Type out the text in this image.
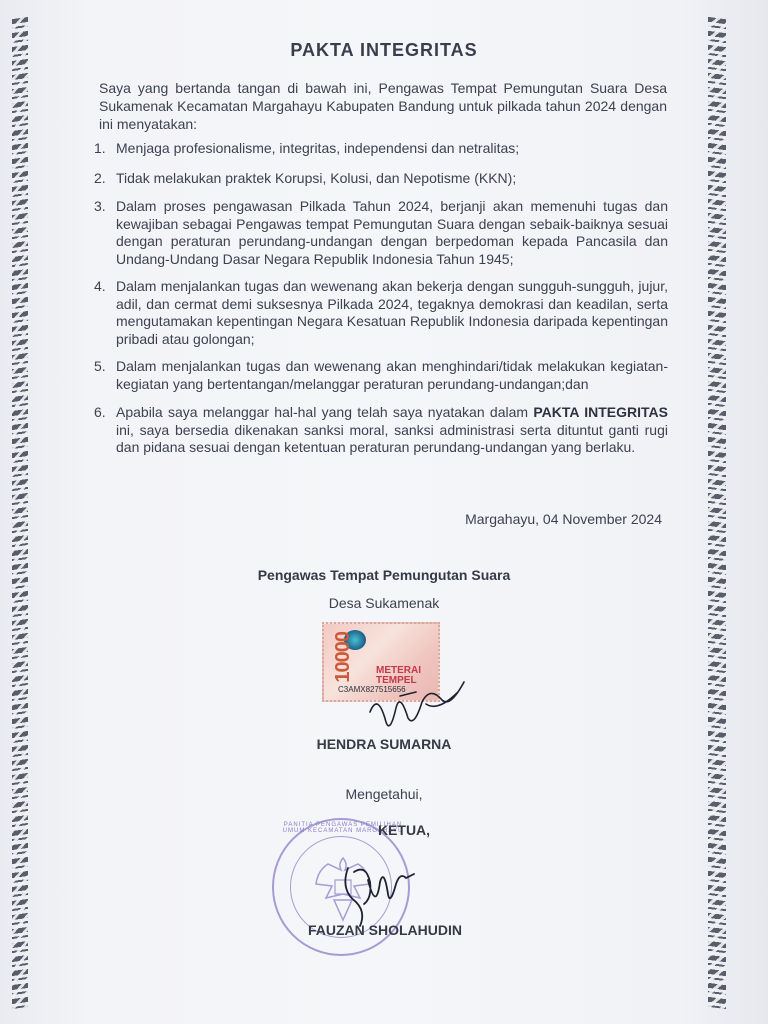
PAKTA INTEGRITAS

Saya yang bertanda tangan di bawah ini, Pengawas Tempat Pemungutan Suara Desa Sukamenak Kecamatan Margahayu Kabupaten Bandung untuk pilkada tahun 2024 dengan ini menyatakan:

1. Menjaga profesionalisme, integritas, independensi dan netralitas;
2. Tidak melakukan praktek Korupsi, Kolusi, dan Nepotisme (KKN);
3. Dalam proses pengawasan Pilkada Tahun 2024, berjanji akan memenuhi tugas dan kewajiban sebagai Pengawas tempat Pemungutan Suara dengan sebaik-baiknya sesuai dengan peraturan perundang-undangan dengan berpedoman kepada Pancasila dan Undang-Undang Dasar Negara Republik Indonesia Tahun 1945;
4. Dalam menjalankan tugas dan wewenang akan bekerja dengan sungguh-sungguh, jujur, adil, dan cermat demi suksesnya Pilkada 2024, tegaknya demokrasi dan keadilan, serta mengutamakan kepentingan Negara Kesatuan Republik Indonesia daripada kepentingan pribadi atau golongan;
5. Dalam menjalankan tugas dan wewenang akan menghindari/tidak melakukan kegiatan-kegiatan yang bertentangan/melanggar peraturan perundang-undangan;dan
6. Apabila saya melanggar hal-hal yang telah saya nyatakan dalam PAKTA INTEGRITAS ini, saya bersedia dikenakan sanksi moral, sanksi administrasi serta dituntut ganti rugi dan pidana sesuai dengan ketentuan peraturan perundang-undangan yang berlaku.
Margahayu, 04 November 2024
Pengawas Tempat Pemungutan Suara
Desa Sukamenak
10000 METERAI
TEMPEL
C3AMX827515656
HENDRA SUMARNA
Mengetahui,
PANITIA PENGAWAS PEMILIHAN UMUM KECAMATAN MARGAHAYU
KETUA,
FAUZAN SHOLAHUDIN
